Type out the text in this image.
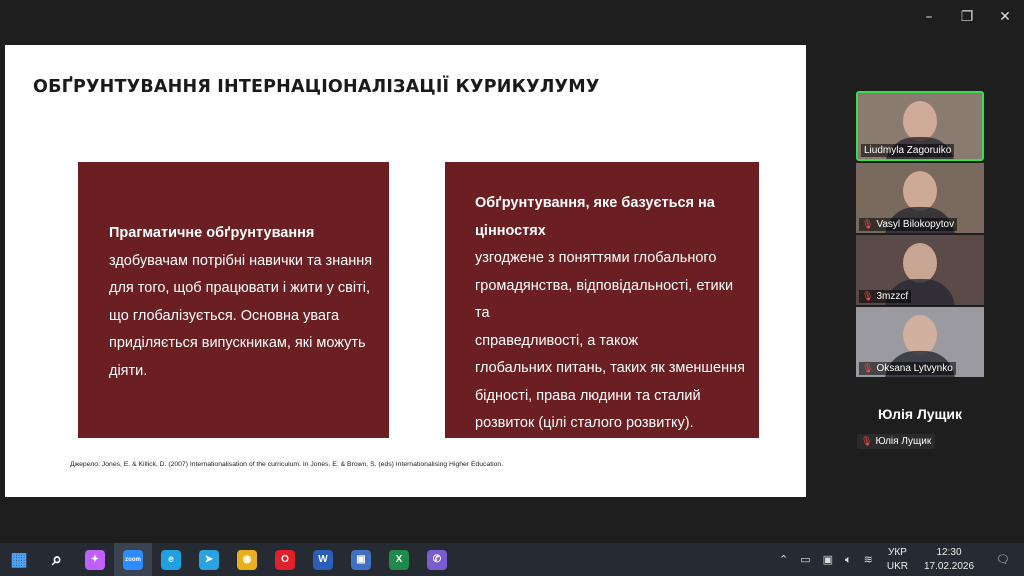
–	❐	✕
ОБҐРУНТУВАННЯ ІНТЕРНАЦІОНАЛІЗАЦІЇ КУРИКУЛУМУ
Прагматичне обґрунтування
здобувачам потрібні навички та знання
для того, щоб працювати і жити у світі,
що глобалізується. Основна увага
приділяється випускникам, які можуть
діяти.
Обґрунтування, яке базується на
цінностях
узгоджене з поняттями глобального
громадянства, відповідальності, етики та
справедливості, а також
глобальних питань, таких як зменшення
бідності, права людини та сталий
розвиток (цілі сталого розвитку).
Джерело: Jones, E. & Killick, D. (2007) Internationalisation of the curriculum. In Jones, E. & Brown, S. (eds) Internationalising Higher Education.
Liudmyla Zagoruiko
🎙︎ Vasyl Bilokopytov
🎙︎ 3mzzcf
🎙︎ Oksana Lytvynko
Юлія Лущик
🎙︎ Юлія Лущик
▦ ⌕	✦	zoom	e	➤	◉	O	W	▣	X	✆	⌃	▭	▣	🔈︎	≋
УКР
UKR
12:30
17.02.2026	🗨︎
